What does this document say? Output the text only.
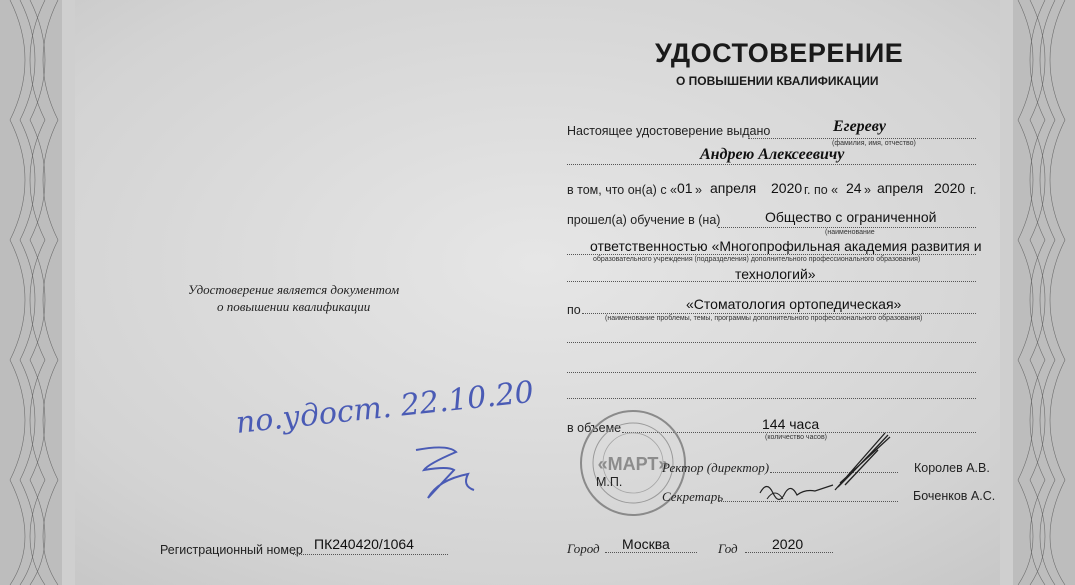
УДОСТОВЕРЕНИЕ
О ПОВЫШЕНИИ КВАЛИФИКАЦИИ
Настоящее удостоверение выдано	Егереву
(фамилия, имя, отчество)
Андрею Алексеевичу
в том, что он(а) с « 01 » апреля 2020 г. по « 24 » апреля 2020 г.
прошел(а) обучение в (на)	Общество с ограниченной
(наименование
ответственностью «Многопрофильная академия развития и
образовательного учреждения (подразделения) дополнительного профессионального образования)
технологий»
по	«Стоматология ортопедическая»
(наименование проблемы, темы, программы дополнительного профессионального образования)
в объеме	144 часа
(количество часов)
«МАРТ»
Ректор (директор)	Королев А.В.
М.П.
Секретарь	Боченков А.С.
Город Москва	Год 2020
Удостоверение является документом
о повышении квалификации
по.удост. 22.10.20
Регистрационный номер ПК240420/1064
